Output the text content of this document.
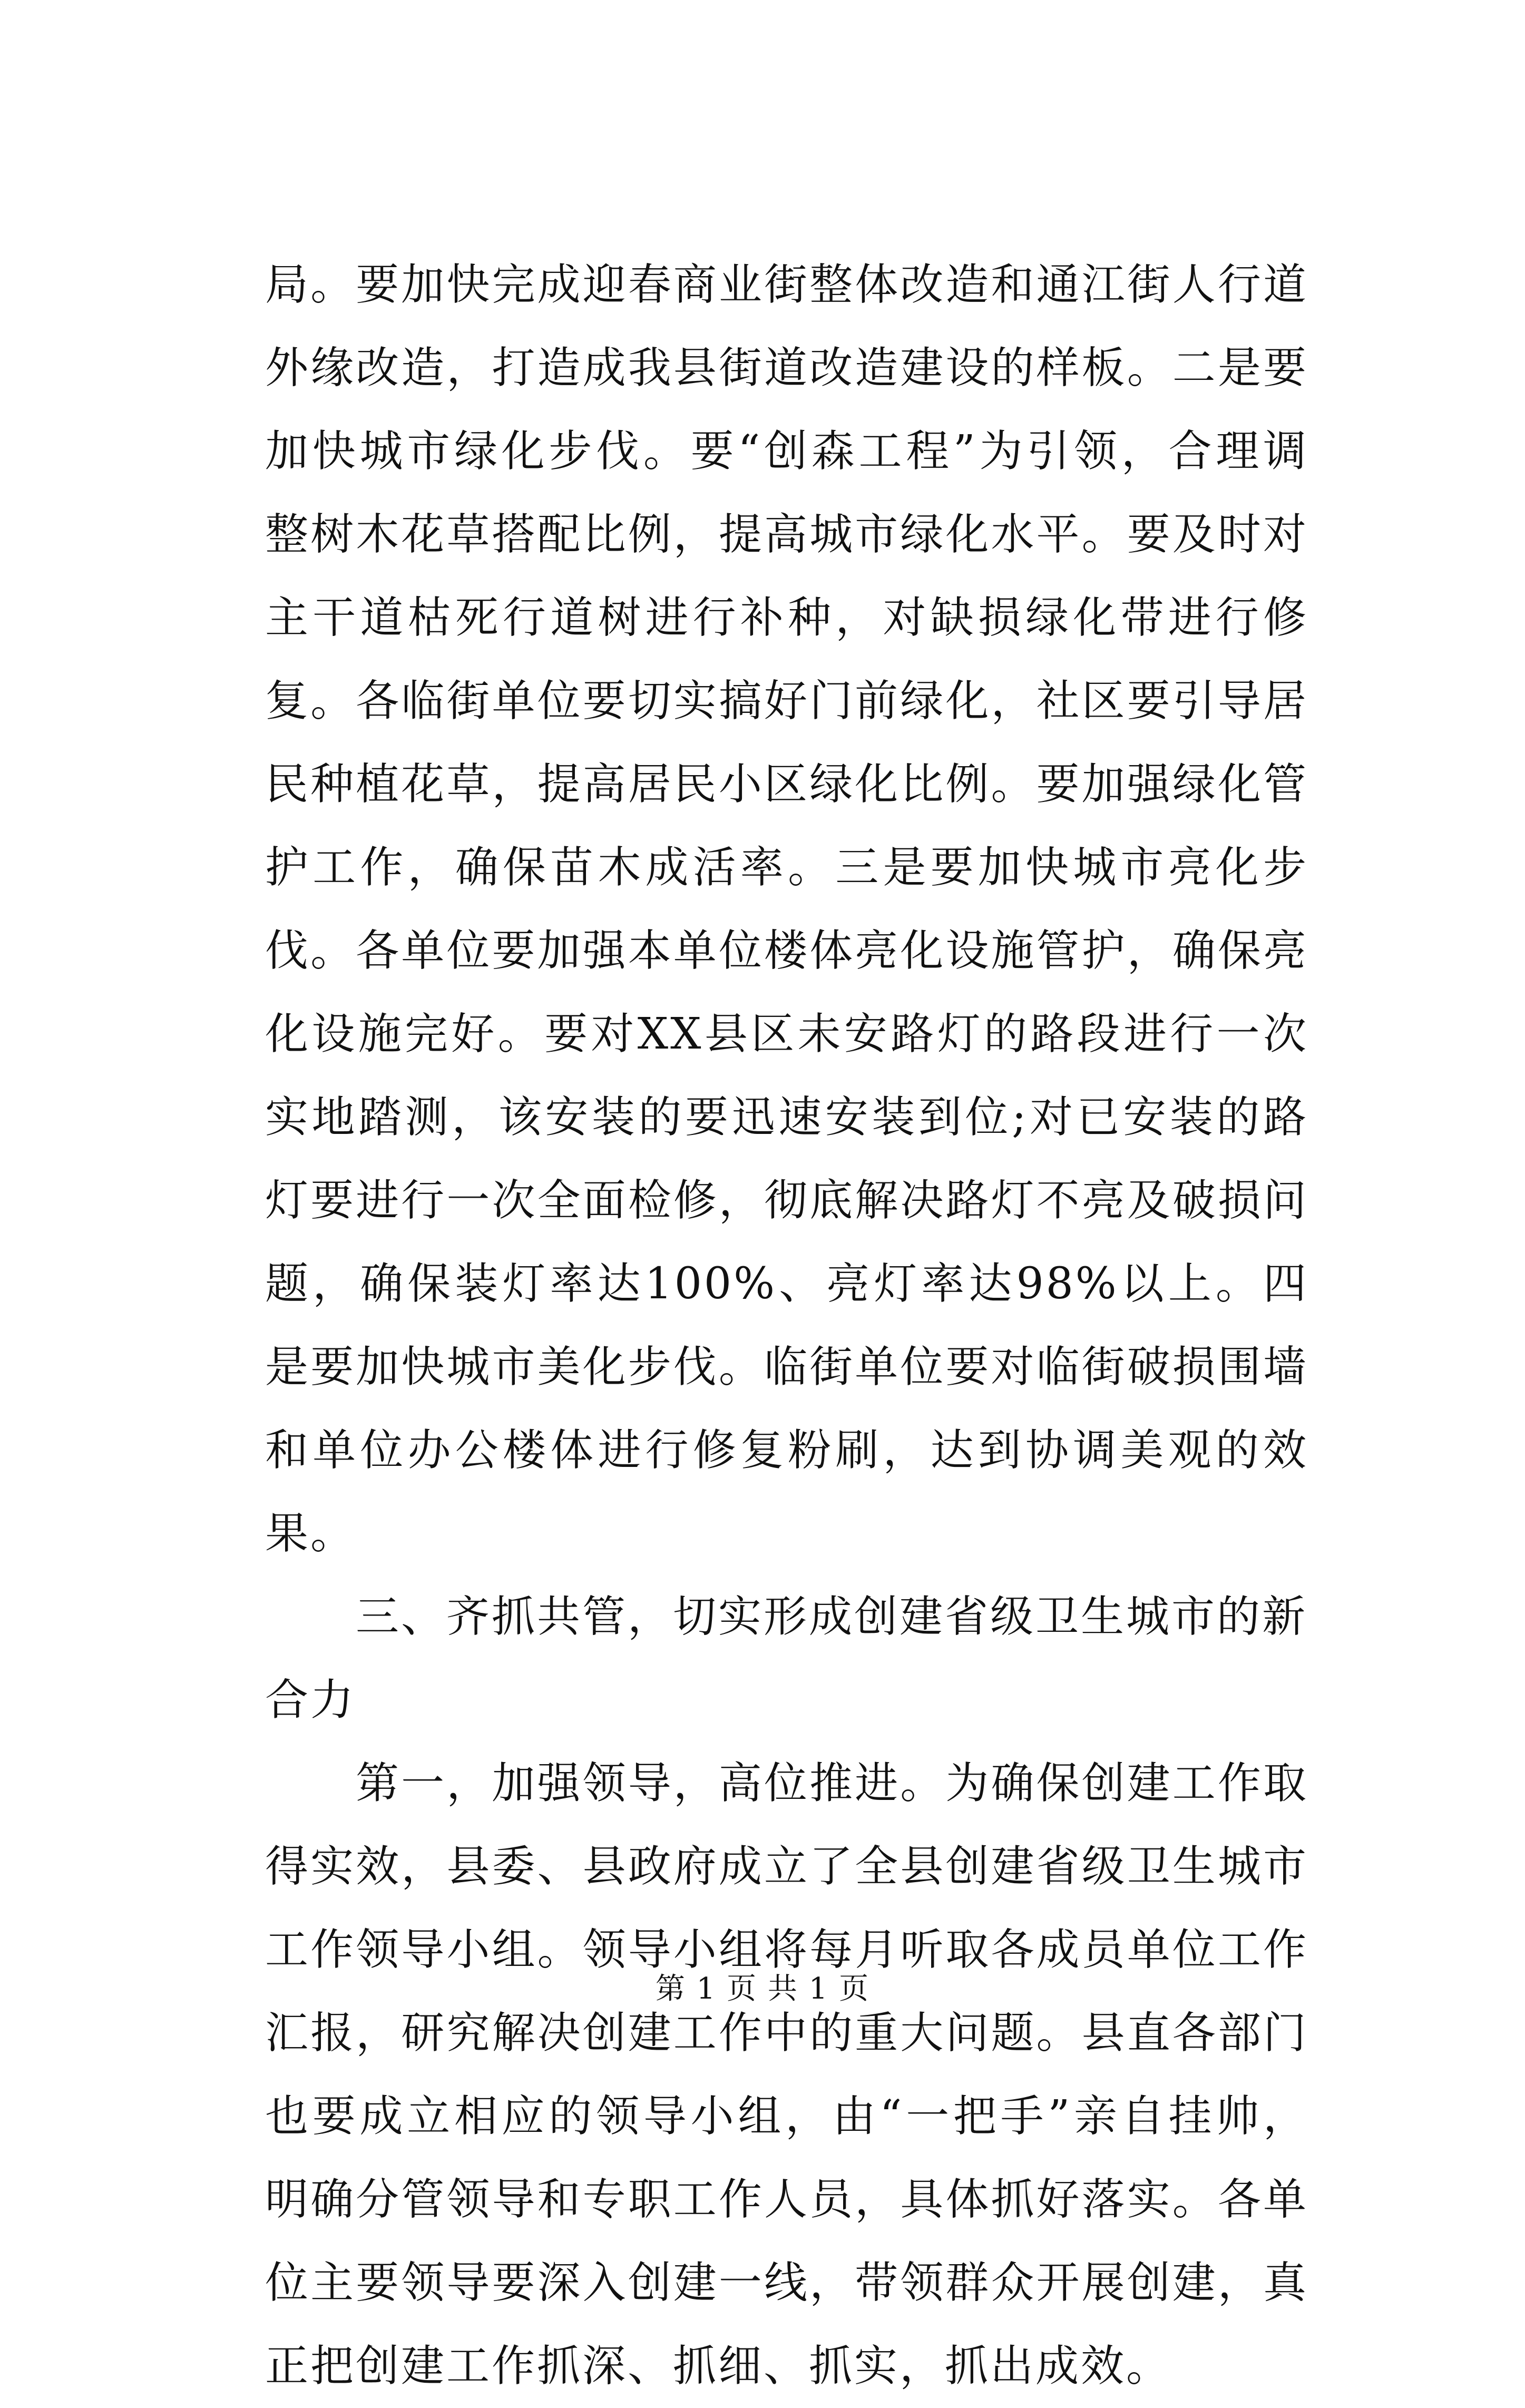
局。要加快完成迎春商业街整体改造和通江街人行道外缘改造，打造成我县街道改造建设的样板。二是要加快城市绿化步伐。要“创森工程”为引领，合理调整树木花草搭配比例，提高城市绿化水平。要及时对主干道枯死行道树进行补种，对缺损绿化带进行修复。各临街单位要切实搞好门前绿化，社区要引导居民种植花草，提高居民小区绿化比例。要加强绿化管护工作，确保苗木成活率。三是要加快城市亮化步伐。各单位要加强本单位楼体亮化设施管护，确保亮化设施完好。要对XX县区未安路灯的路段进行一次实地踏测，该安装的要迅速安装到位;对已安装的路灯要进行一次全面检修，彻底解决路灯不亮及破损问题，确保装灯率达100%、亮灯率达98%以上。四是要加快城市美化步伐。临街单位要对临街破损围墙和单位办公楼体进行修复粉刷，达到协调美观的效果。

三、齐抓共管，切实形成创建省级卫生城市的新合力

第一，加强领导，高位推进。为确保创建工作取得实效，县委、县政府成立了全县创建省级卫生城市工作领导小组。领导小组将每月听取各成员单位工作汇报，研究解决创建工作中的重大问题。县直各部门也要成立相应的领导小组，由“一把手”亲自挂帅，明确分管领导和专职工作人员，具体抓好落实。各单位主要领导要深入创建一线，带领群众开展创建，真正把创建工作抓深、抓细、抓实，抓出成效。

第 1 页 共 1 页
